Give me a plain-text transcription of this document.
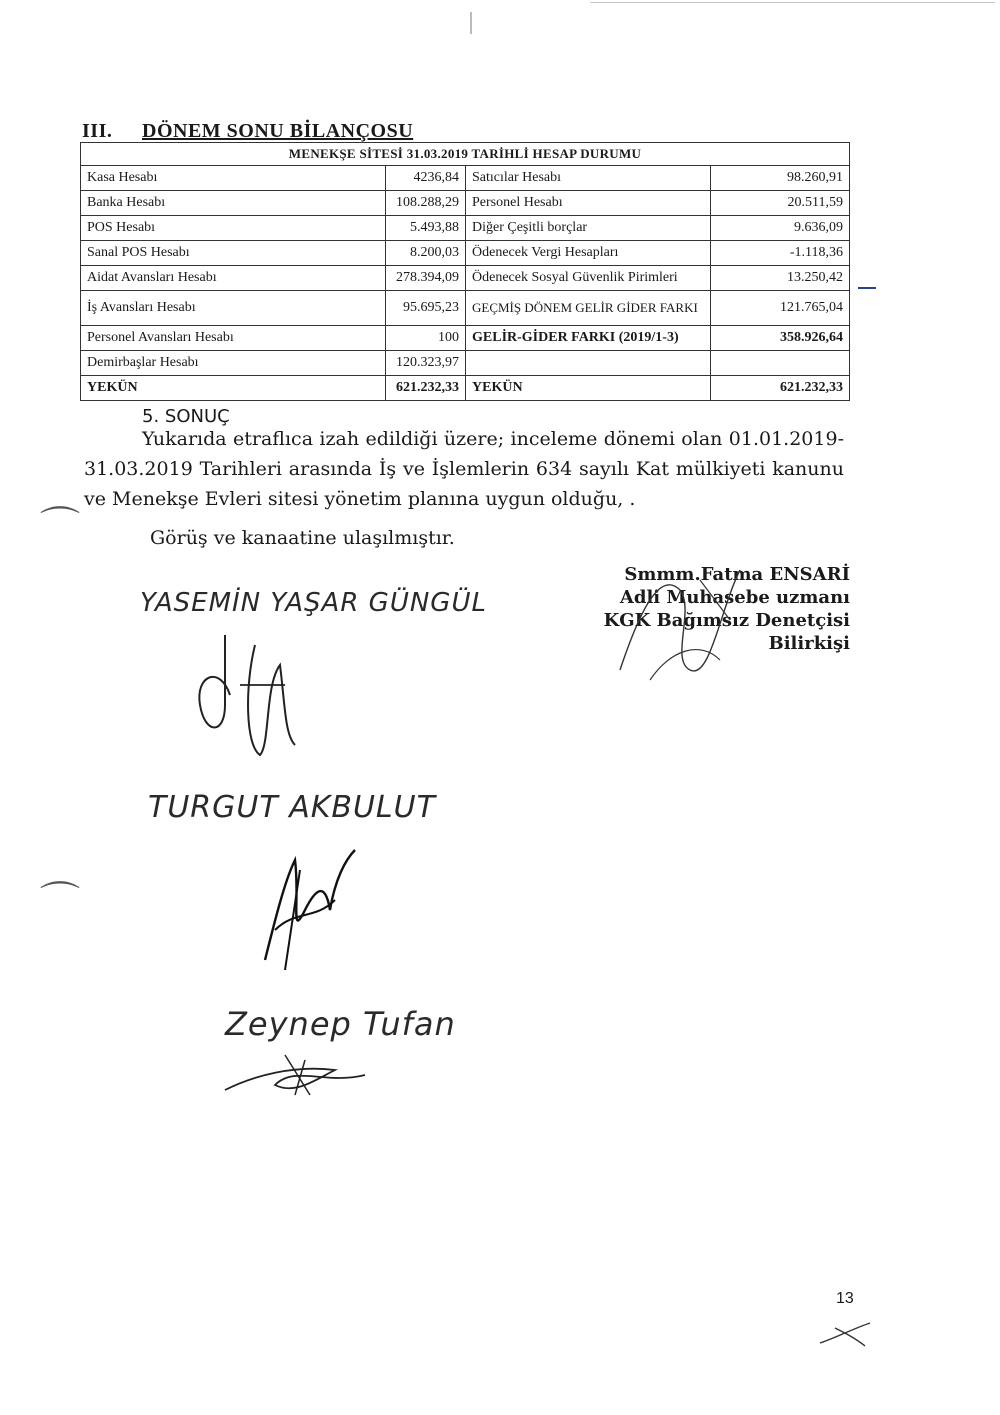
III. DÖNEM SONU BİLANÇOSU
MENEKŞE SİTESİ 31.03.2019 TARİHLİ HESAP DURUMU			
Kasa Hesabı	4236,84	Satıcılar Hesabı	98.260,91
Banka Hesabı	108.288,29	Personel Hesabı	20.511,59
POS Hesabı	5.493,88	Diğer Çeşitli borçlar	9.636,09
Sanal POS Hesabı	8.200,03	Ödenecek Vergi Hesapları	-1.118,36
Aidat Avansları Hesabı	278.394,09	Ödenecek Sosyal Güvenlik Pirimleri	13.250,42
İş Avansları Hesabı	95.695,23	GEÇMİŞ DÖNEM GELİR GİDER FARKI	121.765,04
Personel Avansları Hesabı	100	GELİR-GİDER FARKI (2019/1-3)	358.926,64
Demirbaşlar Hesabı	120.323,97		
YEKÜN	621.232,33	YEKÜN	621.232,33
5. SONUÇ
Yukarıda etraflıca izah edildiği üzere; inceleme dönemi olan 01.01.2019-31.03.2019 Tarihleri arasında İş ve İşlemlerin 634 sayılı Kat mülkiyeti kanunu ve Menekşe Evleri sitesi yönetim planına uygun olduğu, .
Görüş ve kanaatine ulaşılmıştır.
Smmm.Fatma ENSARİ
Adli Muhasebe uzmanı
KGK Bağımsız Denetçisi
Bilirkişi
YASEMİN YAŞAR GÜNGÜL
TURGUT AKBULUT
Zeynep Tufan
⌒
⌒
13
